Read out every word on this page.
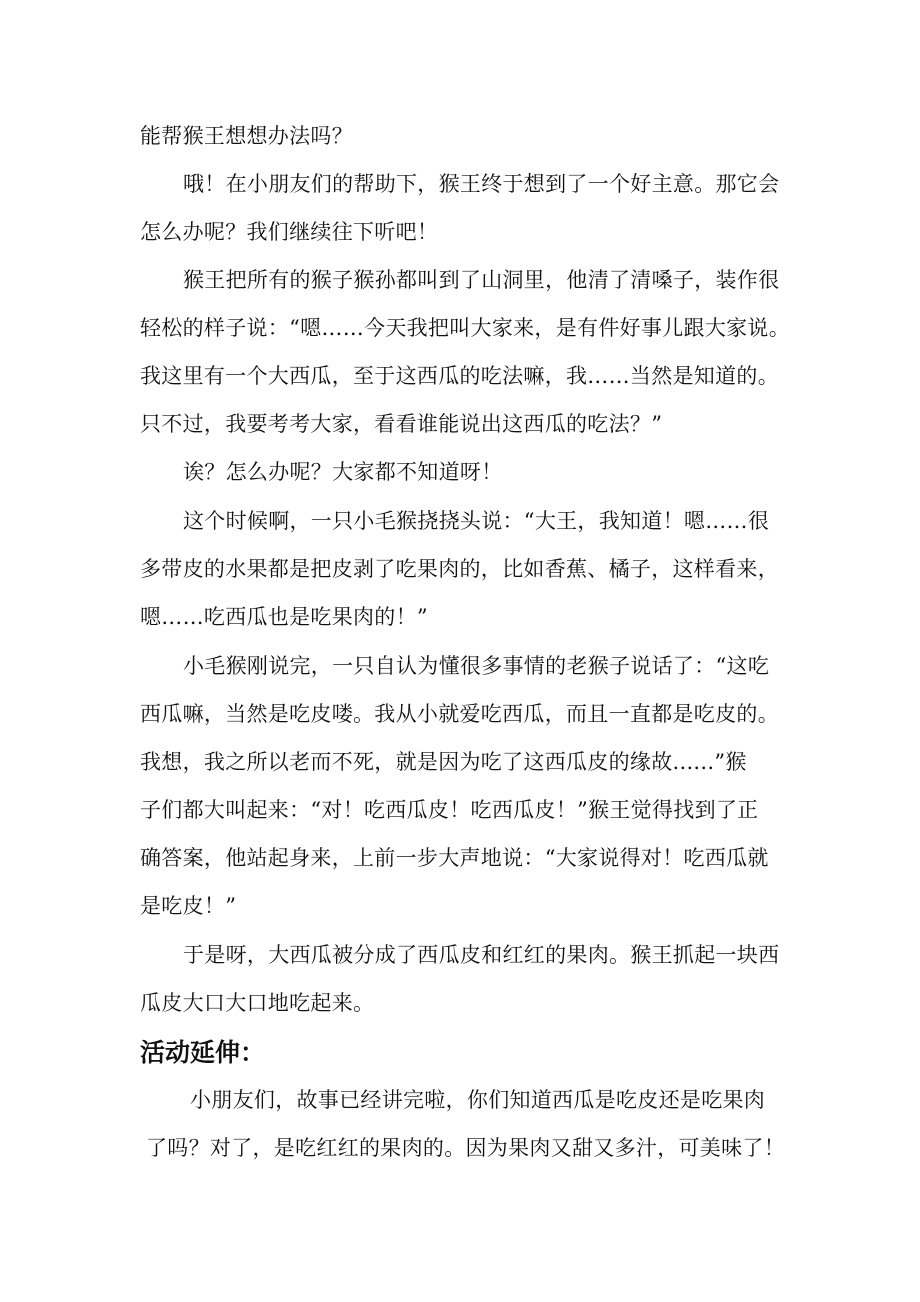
能帮猴王想想办法吗？
哦！在小朋友们的帮助下，猴王终于想到了一个好主意。那它会
怎么办呢？我们继续往下听吧！
猴王把所有的猴子猴孙都叫到了山洞里，他清了清嗓子，装作很
轻松的样子说：“嗯……今天我把叫大家来，是有件好事儿跟大家说。
我这里有一个大西瓜，至于这西瓜的吃法嘛，我……当然是知道的。
只不过，我要考考大家，看看谁能说出这西瓜的吃法？”
诶？怎么办呢？大家都不知道呀！
这个时候啊，一只小毛猴挠挠头说：“大王，我知道！嗯……很
多带皮的水果都是把皮剥了吃果肉的，比如香蕉、橘子，这样看来，
嗯……吃西瓜也是吃果肉的！”
小毛猴刚说完，一只自认为懂很多事情的老猴子说话了：“这吃
西瓜嘛，当然是吃皮喽。我从小就爱吃西瓜，而且一直都是吃皮的。
我想，我之所以老而不死，就是因为吃了这西瓜皮的缘故......”猴
子们都大叫起来：“对！吃西瓜皮！吃西瓜皮！”猴王觉得找到了正
确答案，他站起身来，上前一步大声地说：“大家说得对！吃西瓜就
是吃皮！”
于是呀，大西瓜被分成了西瓜皮和红红的果肉。猴王抓起一块西
瓜皮大口大口地吃起来。
活动延伸：
小朋友们，故事已经讲完啦，你们知道西瓜是吃皮还是吃果肉
了吗？对了，是吃红红的果肉的。因为果肉又甜又多汁，可美味了！
